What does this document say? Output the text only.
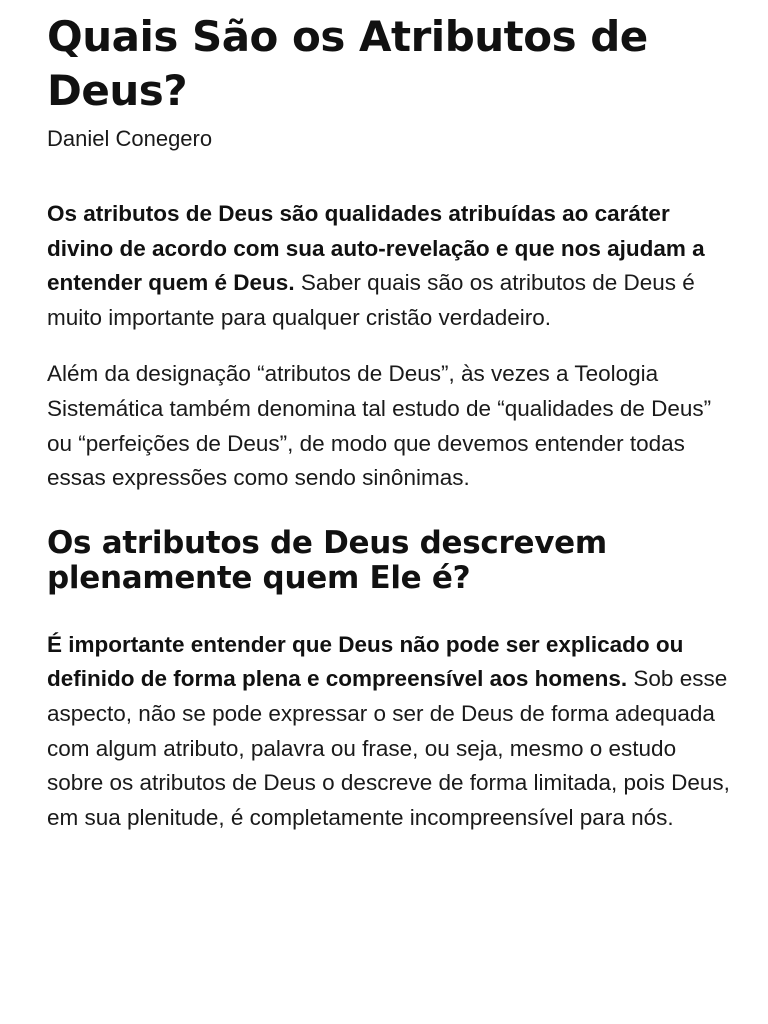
Quais São os Atributos de Deus?
Daniel Conegero

Os atributos de Deus são qualidades atribuídas ao caráter divino de acordo com sua auto-revelação e que nos ajudam a entender quem é Deus. Saber quais são os atributos de Deus é muito importante para qualquer cristão verdadeiro.

Além da designação “atributos de Deus”, às vezes a Teologia Sistemática também denomina tal estudo de “qualidades de Deus” ou “perfeições de Deus”, de modo que devemos entender todas essas expressões como sendo sinônimas.

Os atributos de Deus descrevem plenamente quem Ele é?

É importante entender que Deus não pode ser explicado ou definido de forma plena e compreensível aos homens. Sob esse aspecto, não se pode expressar o ser de Deus de forma adequada com algum atributo, palavra ou frase, ou seja, mesmo o estudo sobre os atributos de Deus o descreve de forma limitada, pois Deus, em sua plenitude, é completamente incompreensível para nós.
